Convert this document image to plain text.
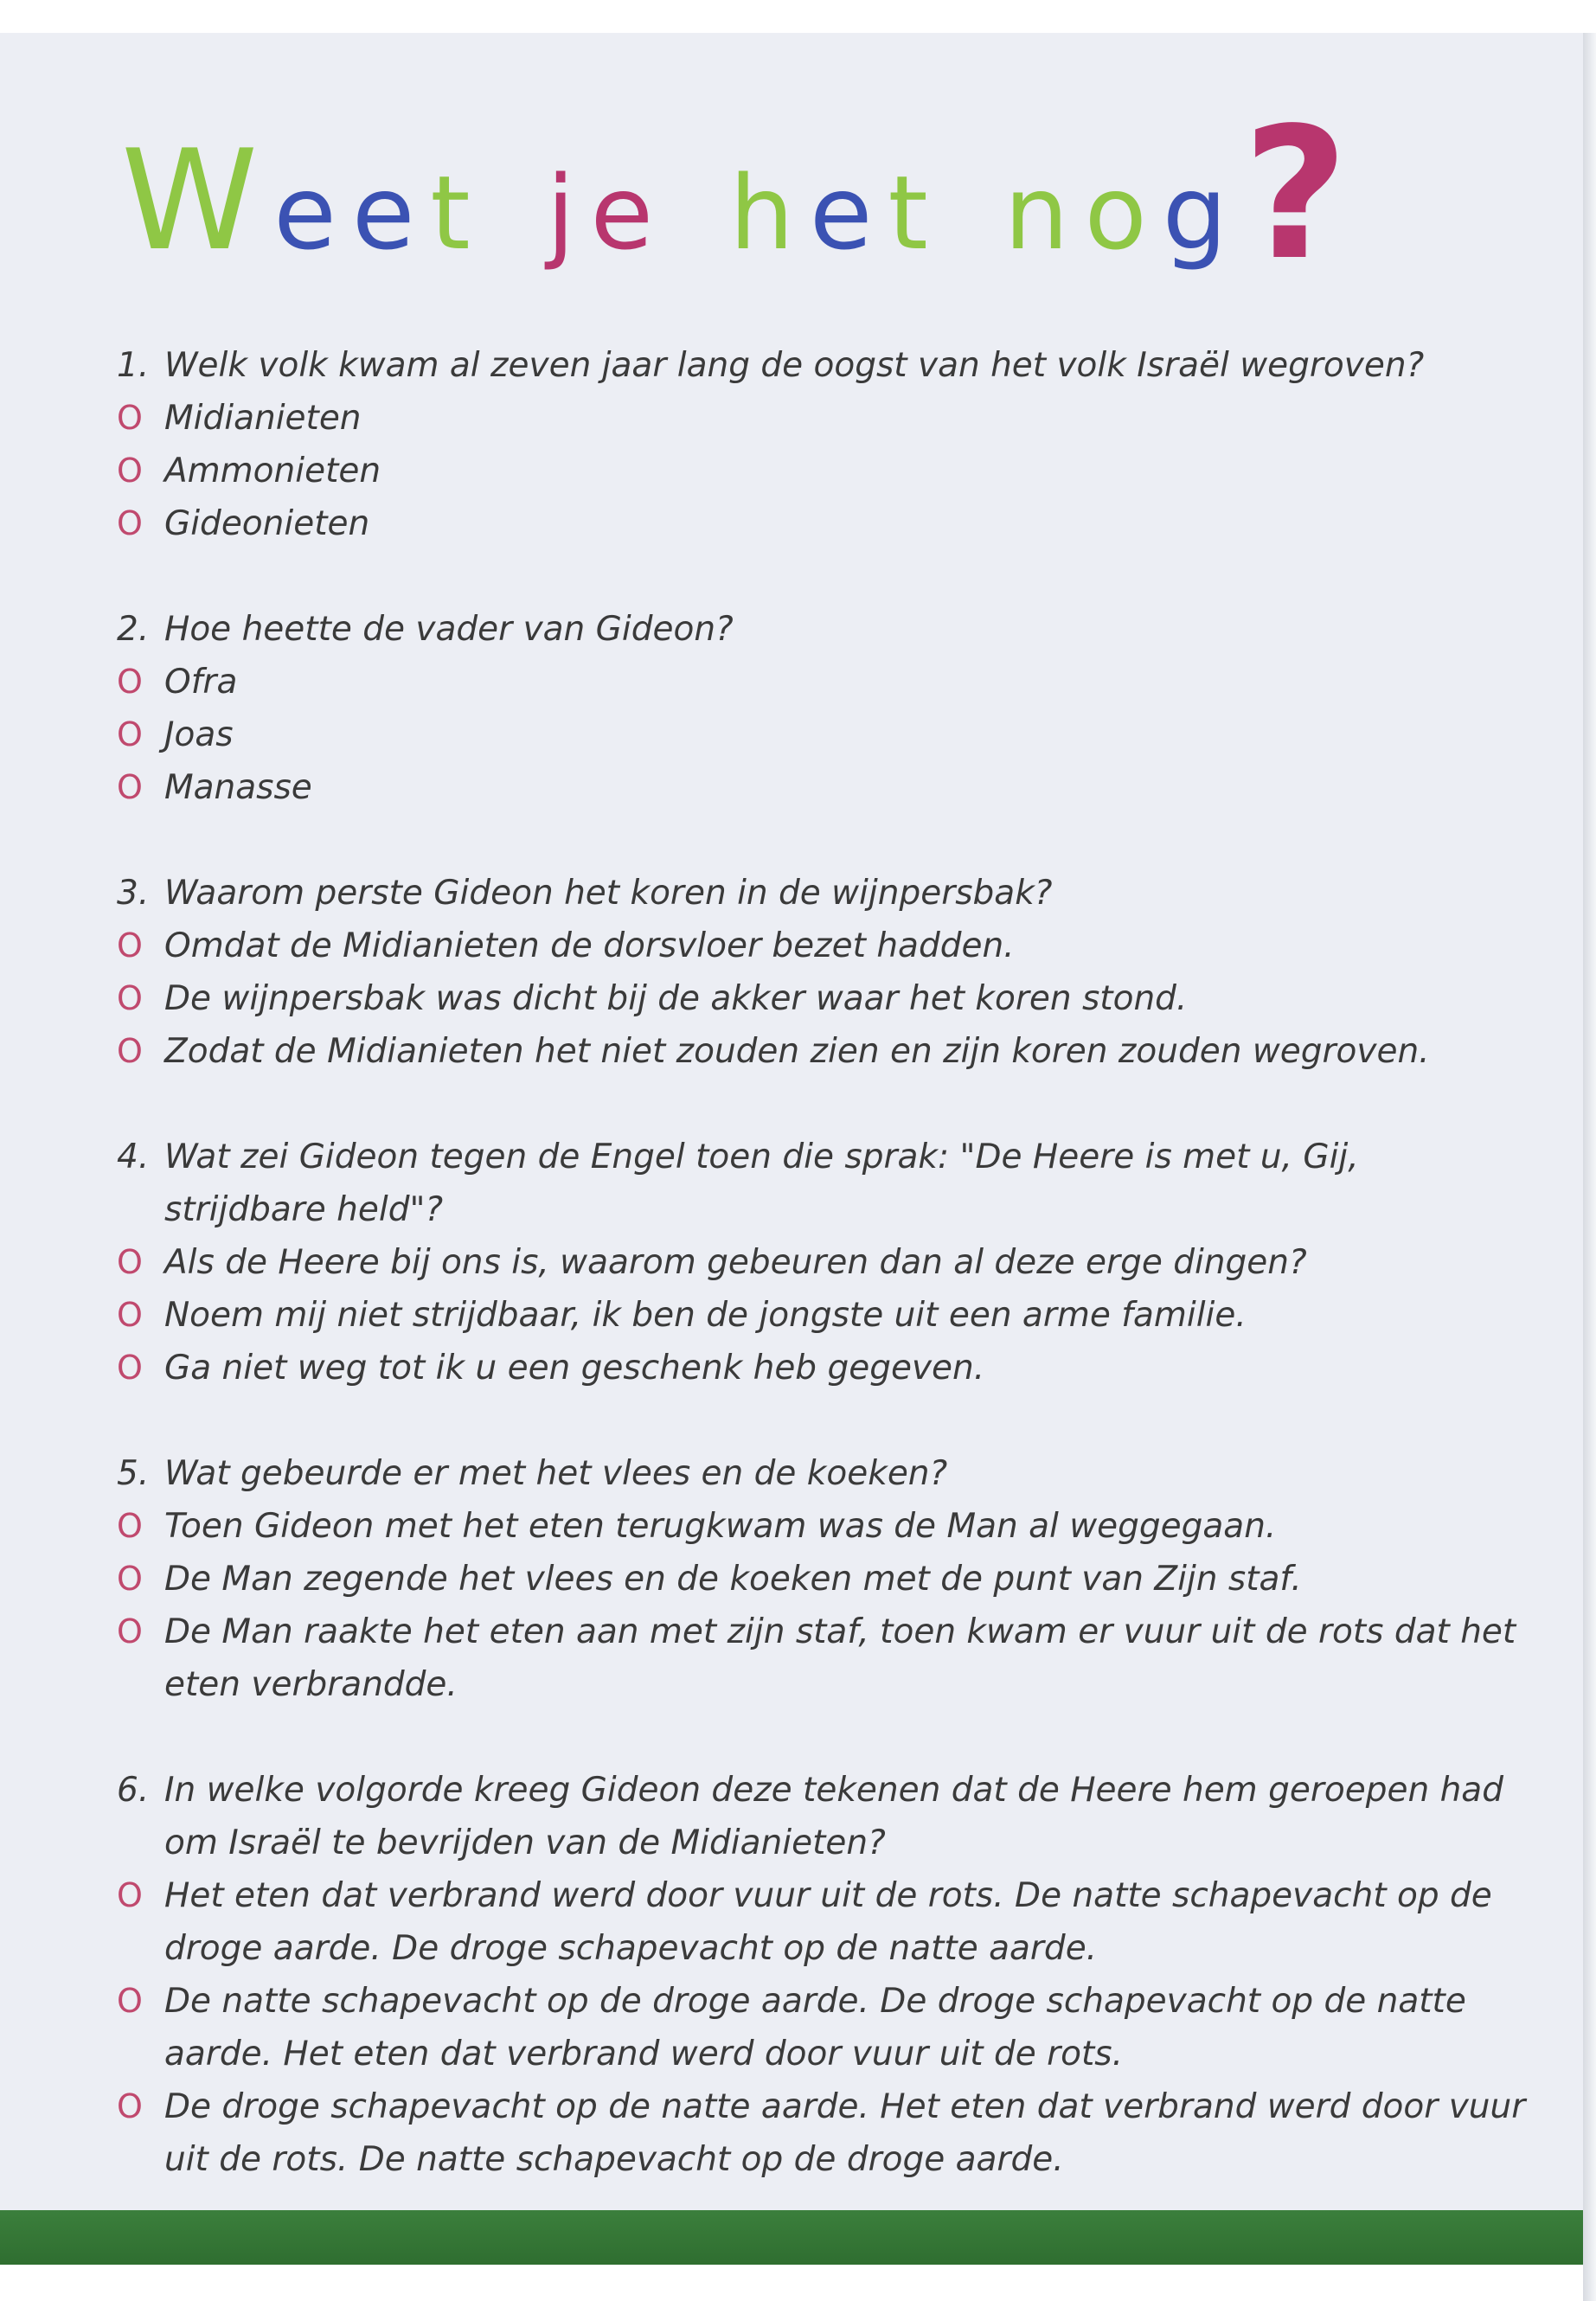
Weet je het nog?
1. Welk volk kwam al zeven jaar lang de oogst van het volk Israël wegroven?
O Midianieten
O Ammonieten
O Gideonieten
2. Hoe heette de vader van Gideon?
O Ofra
O Joas
O Manasse
3. Waarom perste Gideon het koren in de wijnpersbak?
O Omdat de Midianieten de dorsvloer bezet hadden.
O De wijnpersbak was dicht bij de akker waar het koren stond.
O Zodat de Midianieten het niet zouden zien en zijn koren zouden wegroven.
4. Wat zei Gideon tegen de Engel toen die sprak: "De Heere is met u, Gij, strijdbare held"?
O Als de Heere bij ons is, waarom gebeuren dan al deze erge dingen?
O Noem mij niet strijdbaar, ik ben de jongste uit een arme familie.
O Ga niet weg tot ik u een geschenk heb gegeven.
5. Wat gebeurde er met het vlees en de koeken?
O Toen Gideon met het eten terugkwam was de Man al weggegaan.
O De Man zegende het vlees en de koeken met de punt van Zijn staf.
O De Man raakte het eten aan met zijn staf, toen kwam er vuur uit de rots dat het eten verbrandde.
6. In welke volgorde kreeg Gideon deze tekenen dat de Heere hem geroepen had om Israël te bevrijden van de Midianieten?
O Het eten dat verbrand werd door vuur uit de rots. De natte schapevacht op de droge aarde. De droge schapevacht op de natte aarde.
O De natte schapevacht op de droge aarde. De droge schapevacht op de natte aarde. Het eten dat verbrand werd door vuur uit de rots.
O De droge schapevacht op de natte aarde. Het eten dat verbrand werd door vuur uit de rots. De natte schapevacht op de droge aarde.
